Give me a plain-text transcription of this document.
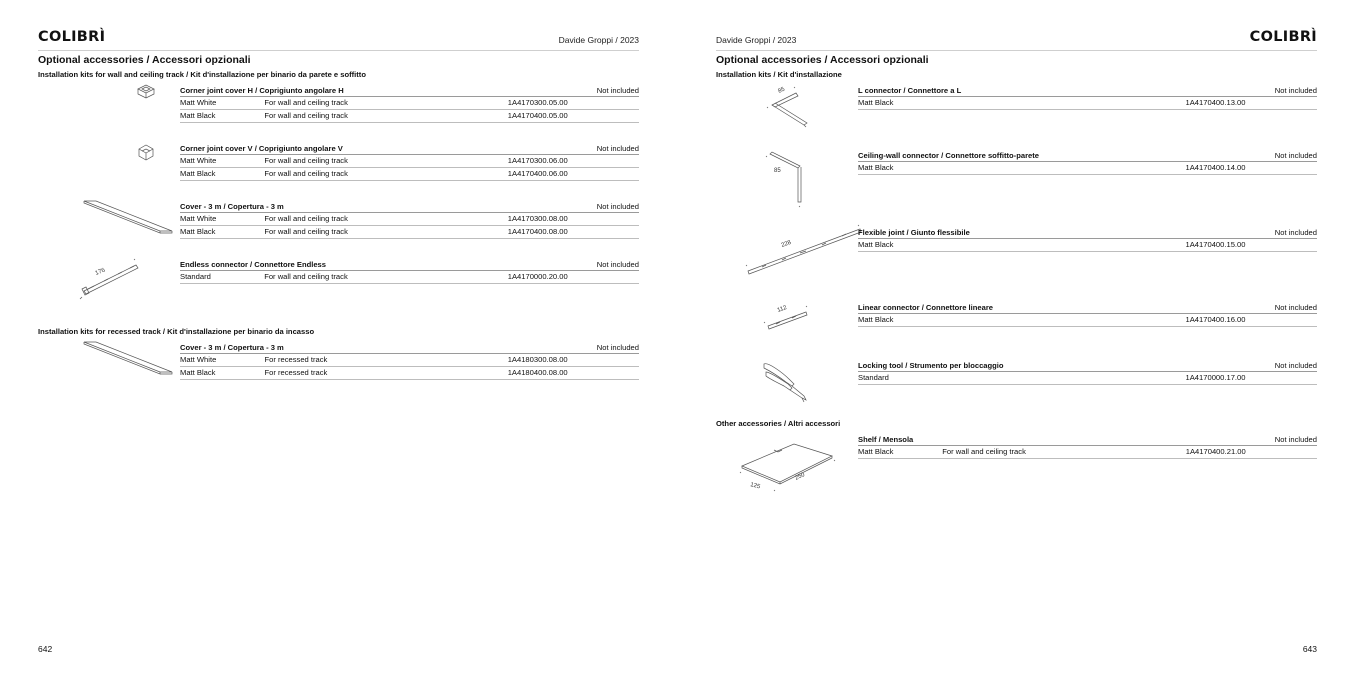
COLIBRÌ	Davide Groppi / 2023
Optional accessories / Accessori opzionali
Installation kits for wall and ceiling track / Kit d'installazione per binario da parete e soffitto
Corner joint cover H / Coprigiunto angolare H			Not included
Matt White	For wall and ceiling track	1A4170300.05.00	
Matt Black	For wall and ceiling track	1A4170400.05.00	
Corner joint cover V / Coprigiunto angolare V			Not included
Matt White	For wall and ceiling track	1A4170300.06.00	
Matt Black	For wall and ceiling track	1A4170400.06.00	
Cover - 3 m / Copertura - 3 m			Not included
Matt White	For wall and ceiling track	1A4170300.08.00	
Matt Black	For wall and ceiling track	1A4170400.08.00	
176
Endless connector / Connettore Endless			Not included
Standard	For wall and ceiling track	1A4170000.20.00	
Installation kits for recessed track / Kit d'installazione per binario da incasso
Cover - 3 m / Copertura - 3 m			Not included
Matt White	For recessed track	1A4180300.08.00	
Matt Black	For recessed track	1A4180400.08.00	
642
COLIBRÌ
Davide Groppi / 2023
Optional accessories / Accessori opzionali
Installation kits / Kit d'installazione
85	L connector / Connettore a L			Not included
Matt Black		1A4170400.13.00	
85
Ceiling-wall connector / Connettore soffitto-parete			Not included
Matt Black		1A4170400.14.00	
228
Flexible joint / Giunto flessibile			Not included
Matt Black		1A4170400.15.00	
112	Linear connector / Connettore lineare			Not included
Matt Black		1A4170400.16.00	
Locking tool / Strumento per bloccaggio			Not included
Standard		1A4170000.17.00	
Other accessories / Altri accessori
250
125
Shelf / Mensola			Not included
Matt Black	For wall and ceiling track	1A4170400.21.00	
643
